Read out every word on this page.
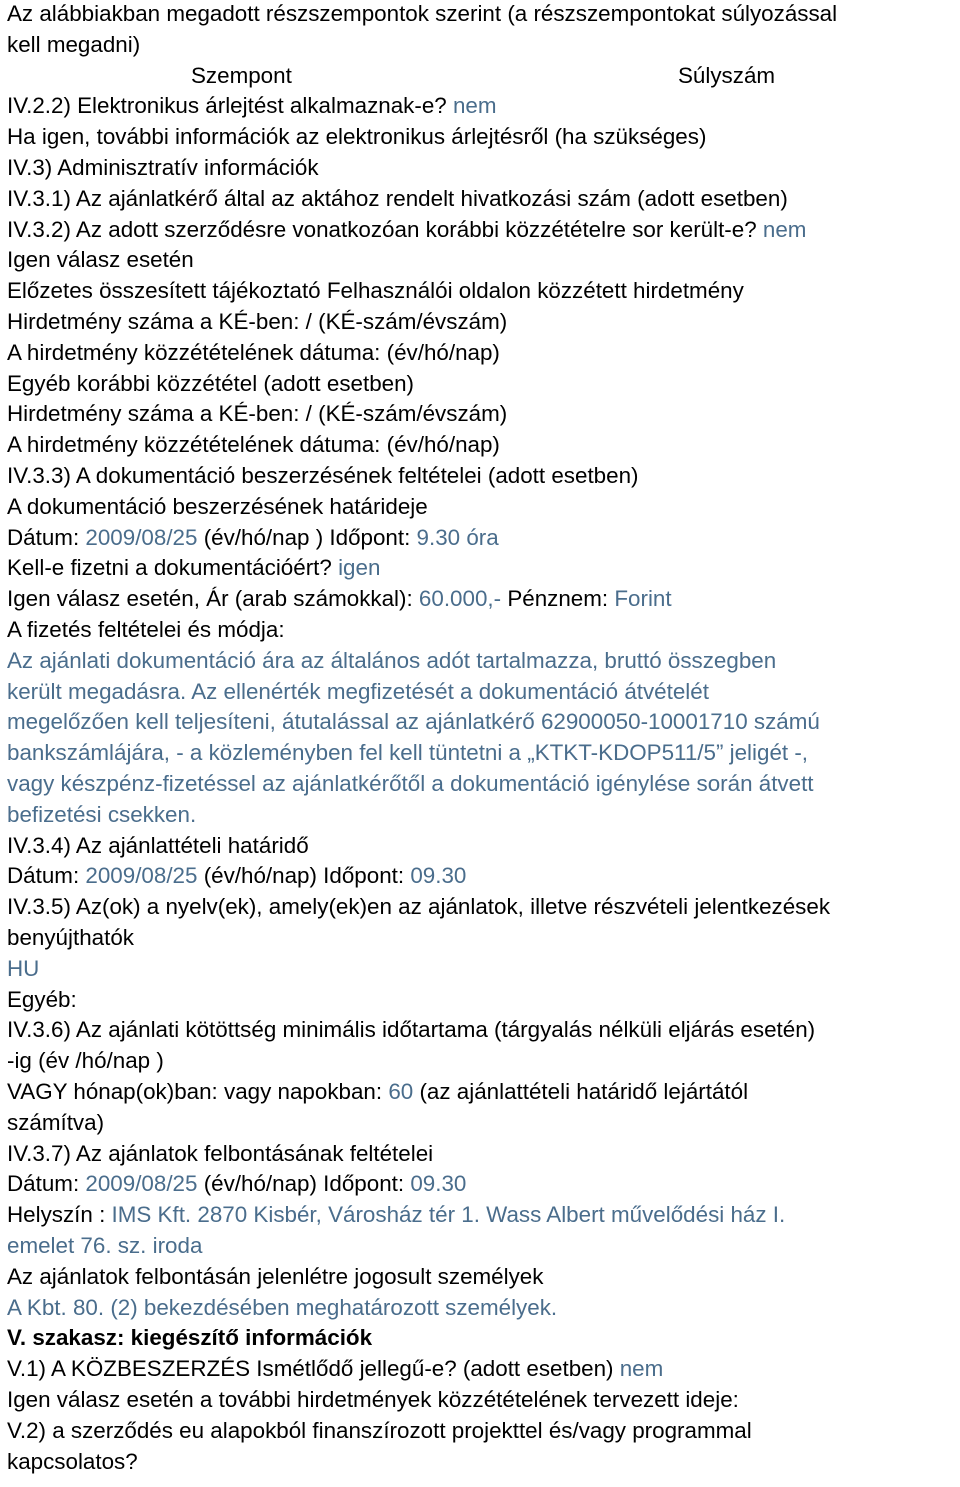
Az alábbiakban megadott részszempontok szerint (a részszempontokat súlyozással
kell megadni)
Szempont	Súlyszám
IV.2.2) Elektronikus árlejtést alkalmaznak-e? nem
Ha igen, további információk az elektronikus árlejtésről (ha szükséges)
IV.3) Adminisztratív információk
IV.3.1) Az ajánlatkérő által az aktához rendelt hivatkozási szám (adott esetben)
IV.3.2) Az adott szerződésre vonatkozóan korábbi közzétételre sor került-e? nem
Igen válasz esetén
Előzetes összesített tájékoztató Felhasználói oldalon közzétett hirdetmény
Hirdetmény száma a KÉ-ben: / (KÉ-szám/évszám)
A hirdetmény közzétételének dátuma: (év/hó/nap)
Egyéb korábbi közzététel (adott esetben)
Hirdetmény száma a KÉ-ben: / (KÉ-szám/évszám)
A hirdetmény közzétételének dátuma: (év/hó/nap)
IV.3.3) A dokumentáció beszerzésének feltételei (adott esetben)
A dokumentáció beszerzésének határideje
Dátum: 2009/08/25 (év/hó/nap ) Időpont: 9.30 óra
Kell-e fizetni a dokumentációért? igen
Igen válasz esetén, Ár (arab számokkal): 60.000,- Pénznem: Forint
A fizetés feltételei és módja:
Az ajánlati dokumentáció ára az általános adót tartalmazza, bruttó összegben
került megadásra. Az ellenérték megfizetését a dokumentáció átvételét
megelőzően kell teljesíteni, átutalással az ajánlatkérő 62900050-10001710 számú
bankszámlájára, - a közleményben fel kell tüntetni a „KTKT-KDOP511/5” jeligét -,
vagy készpénz-fizetéssel az ajánlatkérőtől a dokumentáció igénylése során átvett
befizetési csekken.
IV.3.4) Az ajánlattételi határidő
Dátum: 2009/08/25 (év/hó/nap) Időpont: 09.30
IV.3.5) Az(ok) a nyelv(ek), amely(ek)en az ajánlatok, illetve részvételi jelentkezések
benyújthatók
HU
Egyéb:
IV.3.6) Az ajánlati kötöttség minimális időtartama (tárgyalás nélküli eljárás esetén)
-ig (év /hó/nap )
VAGY hónap(ok)ban: vagy napokban: 60 (az ajánlattételi határidő lejártától
számítva)
IV.3.7) Az ajánlatok felbontásának feltételei
Dátum: 2009/08/25 (év/hó/nap) Időpont: 09.30
Helyszín : IMS Kft. 2870 Kisbér, Városház tér 1. Wass Albert művelődési ház I.
emelet 76. sz. iroda
Az ajánlatok felbontásán jelenlétre jogosult személyek
A Kbt. 80. (2) bekezdésében meghatározott személyek.
V. szakasz: kiegészítő információk
V.1) A KÖZBESZERZÉS Ismétlődő jellegű-e? (adott esetben) nem
Igen válasz esetén a további hirdetmények közzétételének tervezett ideje:
V.2) a szerződés eu alapokból finanszírozott projekttel és/vagy programmal
kapcsolatos?
